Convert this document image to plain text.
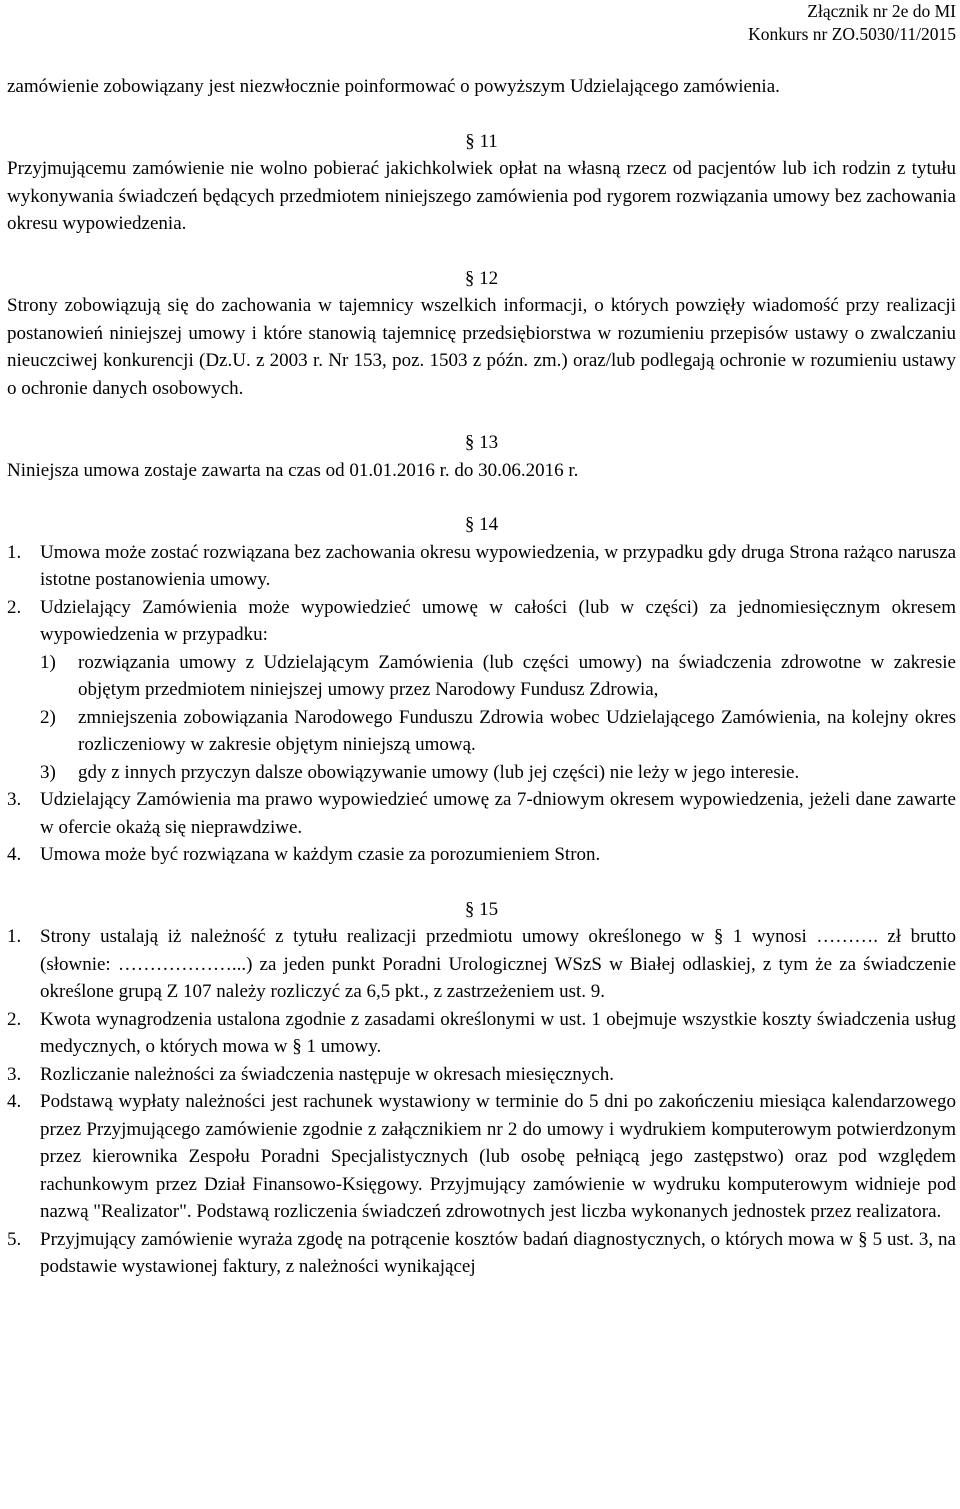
Złącznik nr 2e do MI
Konkurs nr ZO.5030/11/2015

zamówienie zobowiązany jest niezwłocznie poinformować o powyższym Udzielającego zamówienia.

§ 11

Przyjmującemu zamówienie nie wolno pobierać jakichkolwiek opłat na własną rzecz od pacjentów lub ich rodzin z tytułu wykonywania świadczeń będących przedmiotem niniejszego zamówienia pod rygorem rozwiązania umowy bez zachowania okresu wypowiedzenia.

§ 12

Strony zobowiązują się do zachowania w tajemnicy wszelkich informacji, o których powzięły wiadomość przy realizacji postanowień niniejszej umowy i które stanowią tajemnicę przedsiębiorstwa w rozumieniu przepisów ustawy o zwalczaniu nieuczciwej konkurencji (Dz.U. z 2003 r. Nr 153, poz. 1503 z późn. zm.) oraz/lub podlegają ochronie w rozumieniu ustawy o ochronie danych osobowych.

§ 13

Niniejsza umowa zostaje zawarta na czas od 01.01.2016 r. do 30.06.2016 r.

§ 14

1. Umowa może zostać rozwiązana bez zachowania okresu wypowiedzenia, w przypadku gdy druga Strona rażąco narusza istotne postanowienia umowy.
2. Udzielający Zamówienia może wypowiedzieć umowę w całości (lub w części) za jednomiesięcznym okresem wypowiedzenia w przypadku:
1) rozwiązania umowy z Udzielającym Zamówienia (lub części umowy) na świadczenia zdrowotne w zakresie objętym przedmiotem niniejszej umowy przez Narodowy Fundusz Zdrowia,
2) zmniejszenia zobowiązania Narodowego Funduszu Zdrowia wobec Udzielającego Zamówienia, na kolejny okres rozliczeniowy w zakresie objętym niniejszą umową.
3) gdy z innych przyczyn dalsze obowiązywanie umowy (lub jej części) nie leży w jego interesie.
3. Udzielający Zamówienia ma prawo wypowiedzieć umowę za 7-dniowym okresem wypowiedzenia, jeżeli dane zawarte w ofercie okażą się nieprawdziwe.
4. Umowa może być rozwiązana w każdym czasie za porozumieniem Stron.

§ 15

1. Strony ustalają iż należność z tytułu realizacji przedmiotu umowy określonego w § 1 wynosi ………. zł brutto (słownie: ………………...) za jeden punkt Poradni Urologicznej WSzS w Białej odlaskiej, z tym że za świadczenie określone grupą Z 107 należy rozliczyć za 6,5 pkt., z zastrzeżeniem ust. 9.
2. Kwota wynagrodzenia ustalona zgodnie z zasadami określonymi w ust. 1 obejmuje wszystkie koszty świadczenia usług medycznych, o których mowa w § 1 umowy.
3. Rozliczanie należności za świadczenia następuje w okresach miesięcznych.
4. Podstawą wypłaty należności jest rachunek wystawiony w terminie do 5 dni po zakończeniu miesiąca kalendarzowego przez Przyjmującego zamówienie zgodnie z załącznikiem nr 2 do umowy i wydrukiem komputerowym potwierdzonym przez kierownika Zespołu Poradni Specjalistycznych (lub osobę pełniącą jego zastępstwo) oraz pod względem rachunkowym przez Dział Finansowo-Księgowy. Przyjmujący zamówienie w wydruku komputerowym widnieje pod nazwą "Realizator". Podstawą rozliczenia świadczeń zdrowotnych jest liczba wykonanych jednostek przez realizatora.
5. Przyjmujący zamówienie wyraża zgodę na potrącenie kosztów badań diagnostycznych, o których mowa w § 5 ust. 3, na podstawie wystawionej faktury, z należności wynikającej
